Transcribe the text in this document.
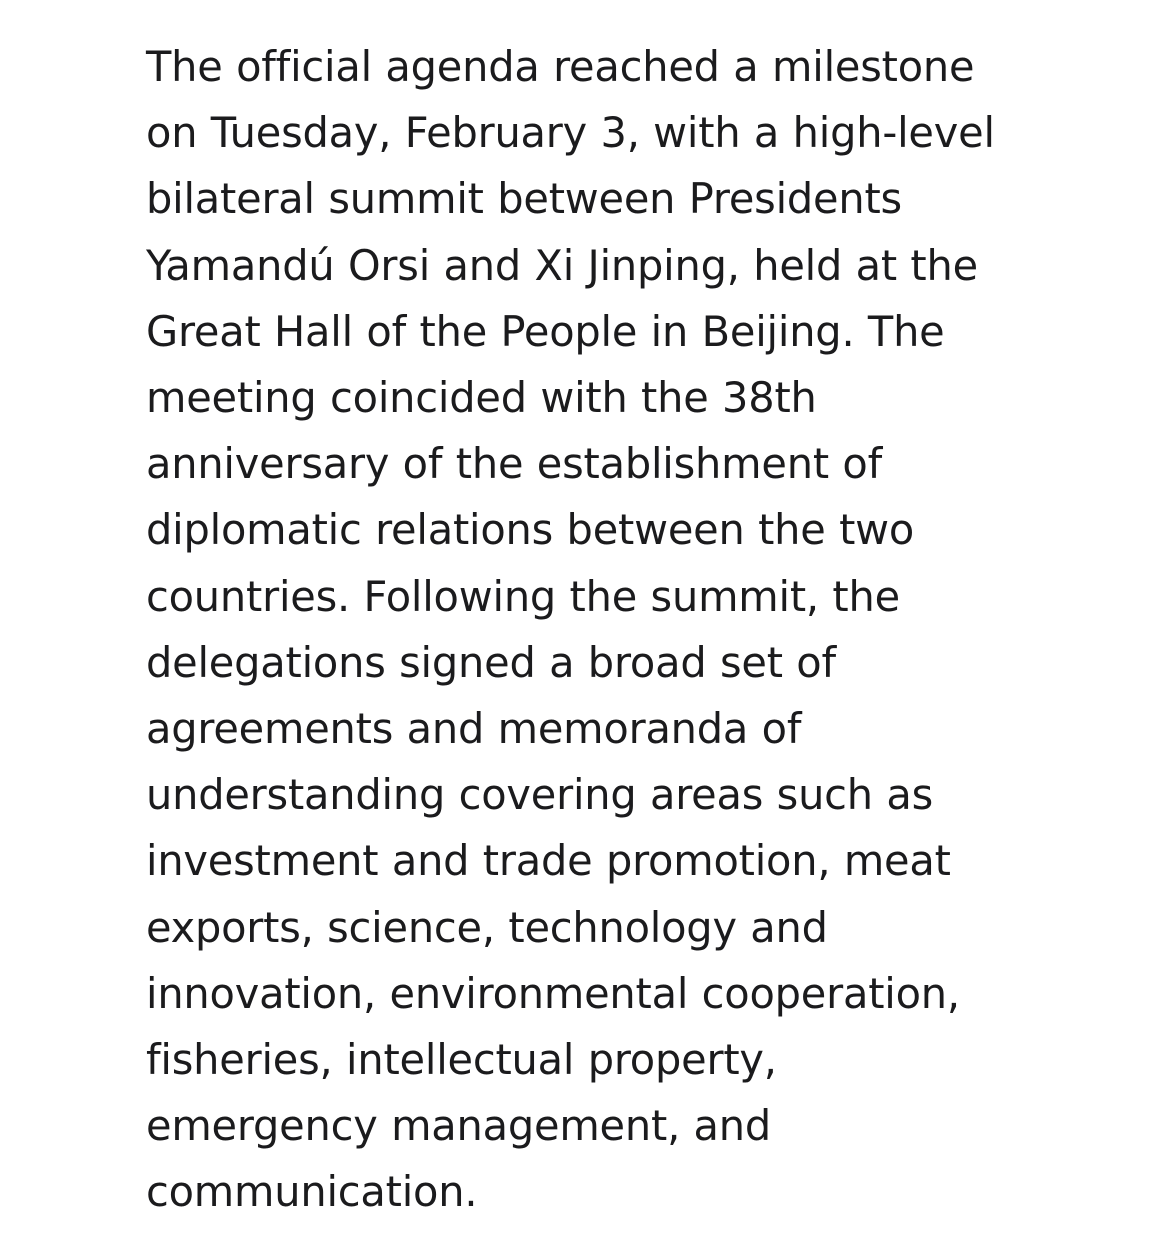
The official agenda reached a milestone on Tuesday, February 3, with a high-level bilateral summit between Presidents Yamandú Orsi and Xi Jinping, held at the Great Hall of the People in Beijing. The meeting coincided with the 38th anniversary of the establishment of diplomatic relations between the two countries. Following the summit, the delegations signed a broad set of agreements and memoranda of understanding covering areas such as investment and trade promotion, meat exports, science, technology and innovation, environmental cooperation, fisheries, intellectual property, emergency management, and communication.
